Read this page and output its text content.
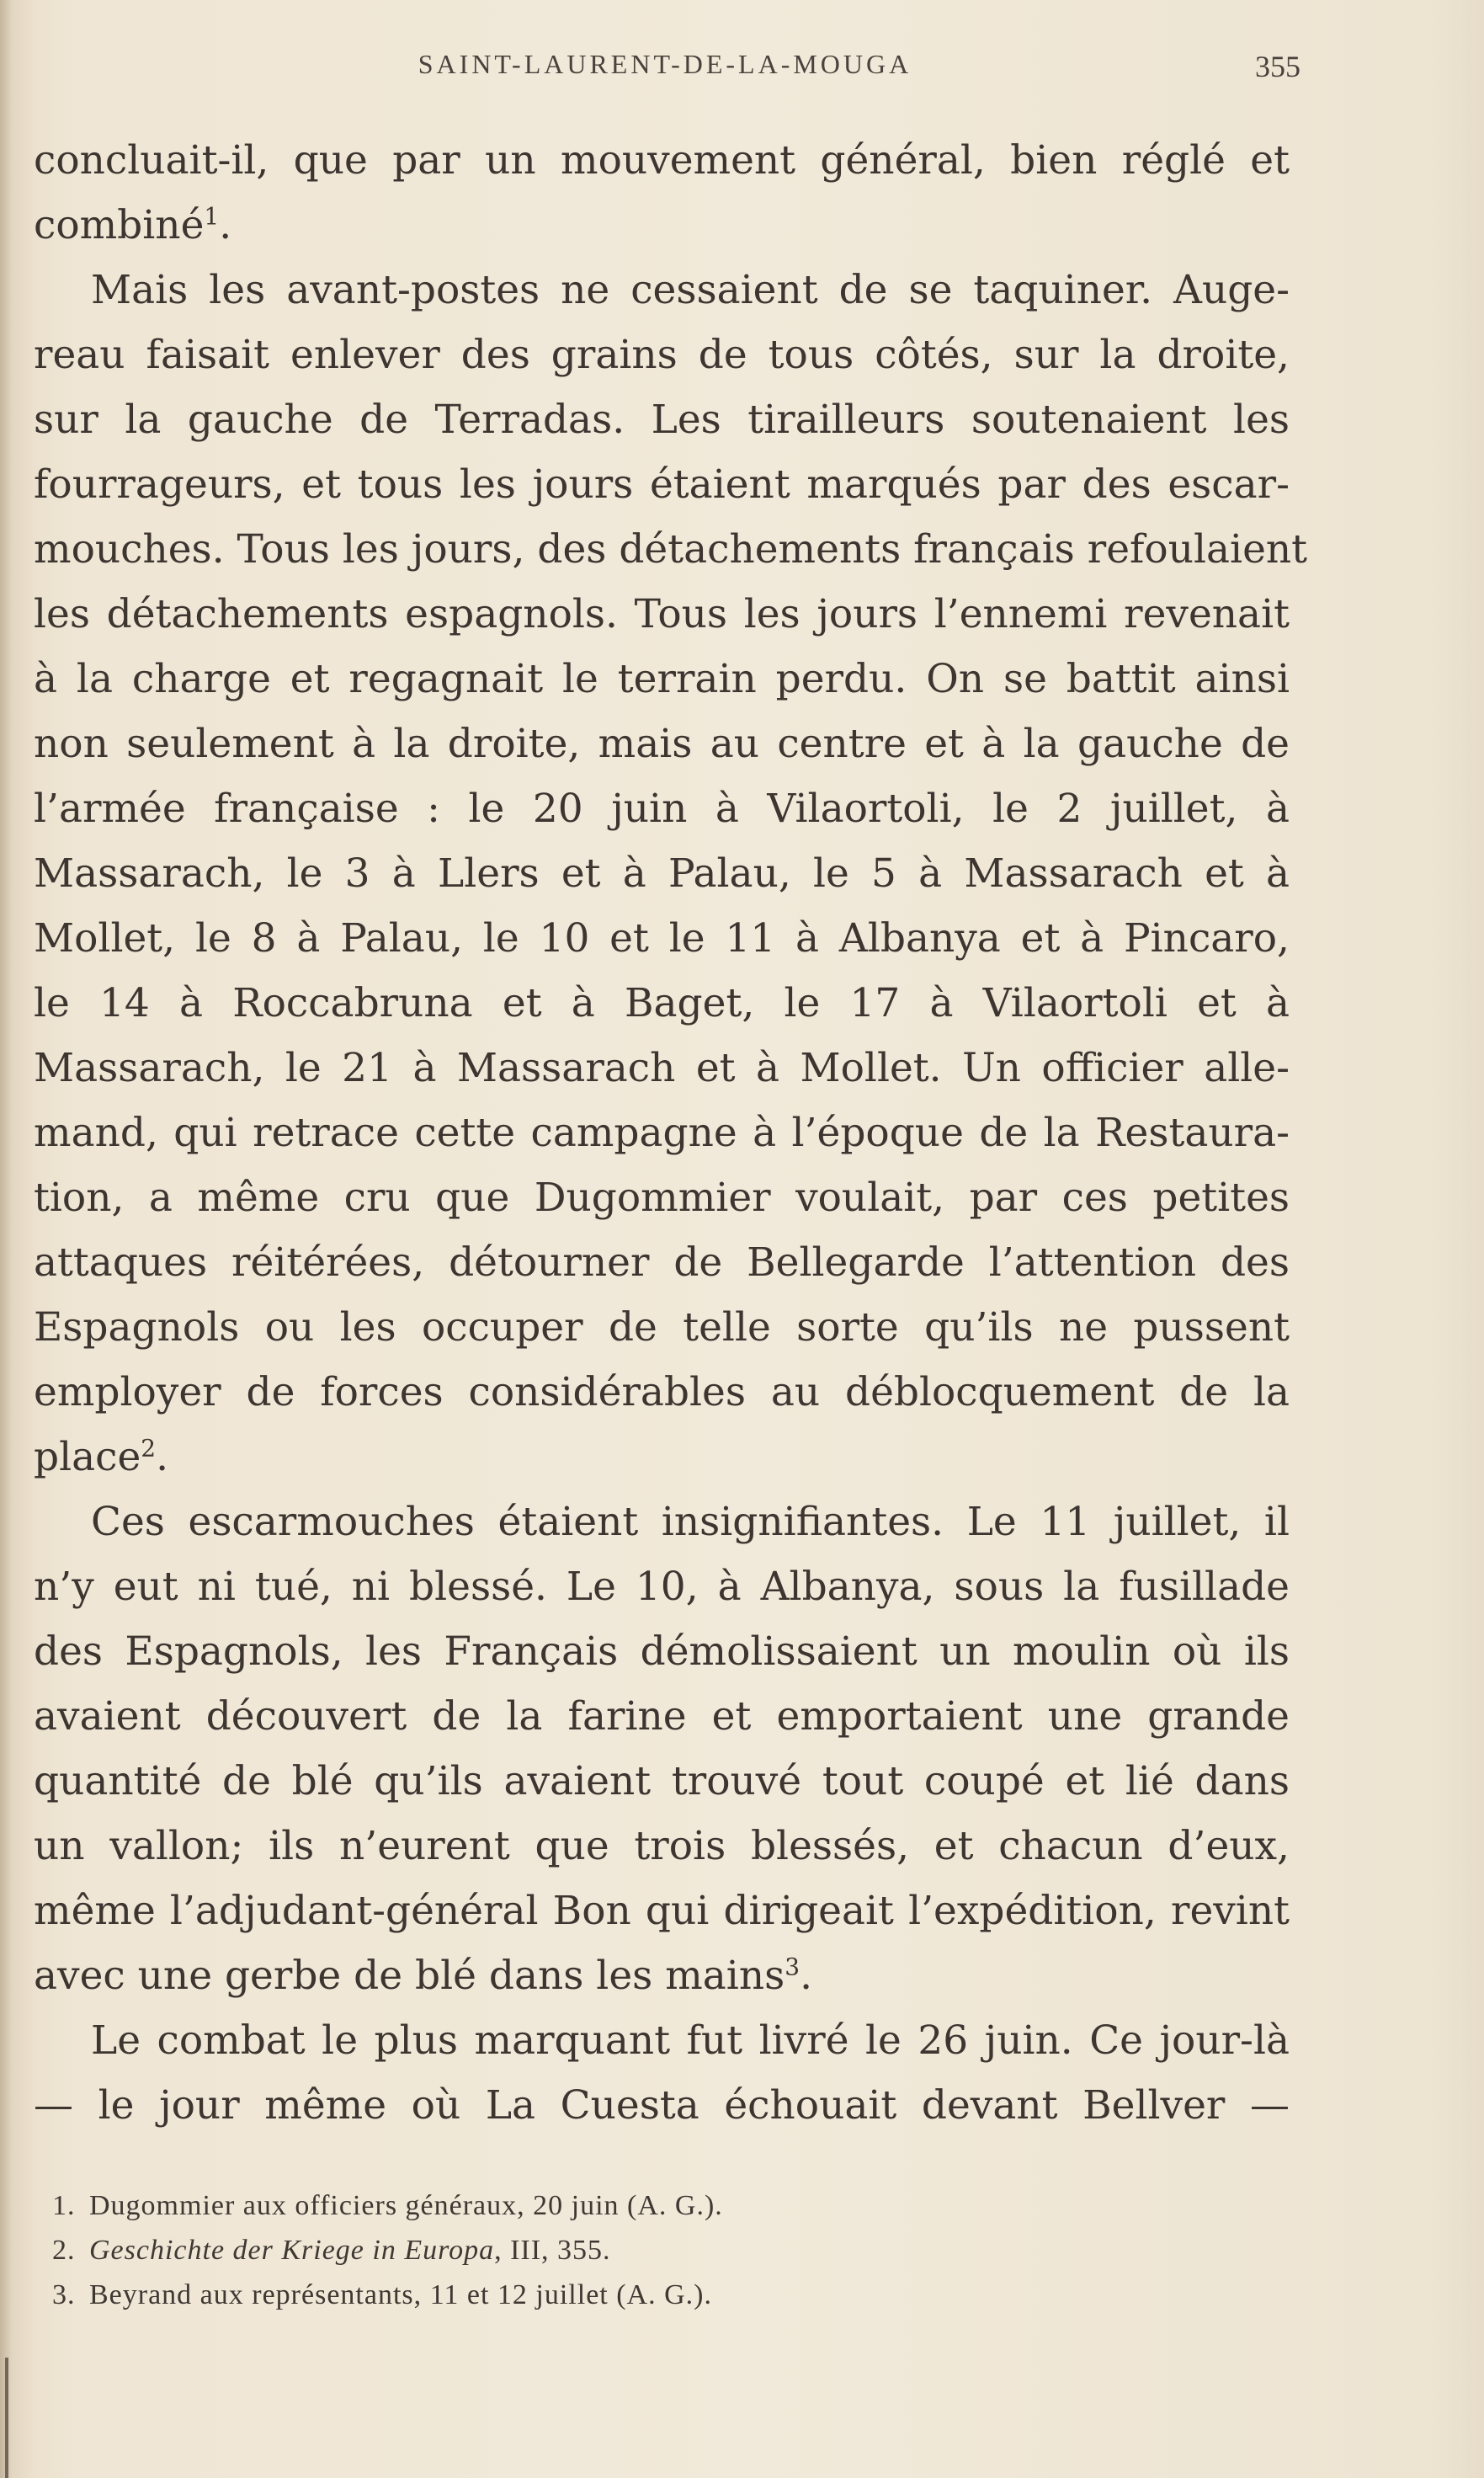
SAINT-LAURENT-DE-LA-MOUGA	355
concluait-il, que par un mouvement général, bien réglé et
combiné$^1$.
Mais les avant-postes ne cessaient de se taquiner. Auge-
reau faisait enlever des grains de tous côtés, sur la droite,
sur la gauche de Terradas. Les tirailleurs soutenaient les
fourrageurs, et tous les jours étaient marqués par des escar-
mouches. Tous les jours, des détachements français refoulaient
les détachements espagnols. Tous les jours l’ennemi revenait
à la charge et regagnait le terrain perdu. On se battit ainsi
non seulement à la droite, mais au centre et à la gauche de
l’armée française : le 20 juin à Vilaortoli, le 2 juillet, à
Massarach, le 3 à Llers et à Palau, le 5 à Massarach et à
Mollet, le 8 à Palau, le 10 et le 11 à Albanya et à Pincaro,
le 14 à Roccabruna et à Baget, le 17 à Vilaortoli et à
Massarach, le 21 à Massarach et à Mollet. Un officier alle-
mand, qui retrace cette campagne à l’époque de la Restaura-
tion, a même cru que Dugommier voulait, par ces petites
attaques réitérées, détourner de Bellegarde l’attention des
Espagnols ou les occuper de telle sorte qu’ils ne pussent
employer de forces considérables au déblocquement de la
place$^2$.
Ces escarmouches étaient insignifiantes. Le 11 juillet, il
n’y eut ni tué, ni blessé. Le 10, à Albanya, sous la fusillade
des Espagnols, les Français démolissaient un moulin où ils
avaient découvert de la farine et emportaient une grande
quantité de blé qu’ils avaient trouvé tout coupé et lié dans
un vallon; ils n’eurent que trois blessés, et chacun d’eux,
même l’adjudant-général Bon qui dirigeait l’expédition, revint
avec une gerbe de blé dans les mains$^3$.
Le combat le plus marquant fut livré le 26 juin. Ce jour-là
— le jour même où La Cuesta échouait devant Bellver —
1. Dugommier aux officiers généraux, 20 juin (A. G.).
2. Geschichte der Kriege in Europa, III, 355.
3. Beyrand aux représentants, 11 et 12 juillet (A. G.).
